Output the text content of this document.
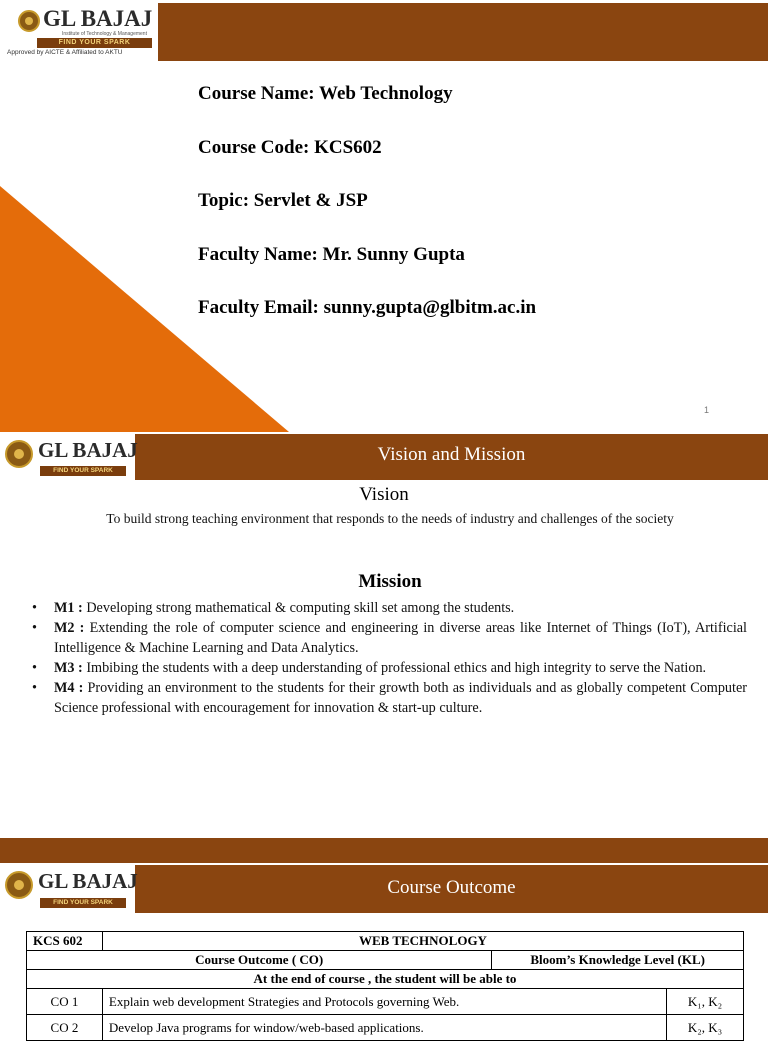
GL BAJAJ
Institute of Technology & Management
FIND YOUR SPARK
Approved by AICTE & Affiliated to AKTU
Course Name: Web Technology
Course Code: KCS602
Topic: Servlet & JSP
Faculty Name: Mr. Sunny Gupta
Faculty Email: sunny.gupta@glbitm.ac.in
1
Vision and Mission
GL BAJAJ
FIND YOUR SPARK
Vision
To build strong teaching environment that responds to the needs of industry and challenges of the society
Mission
• M1 : Developing strong mathematical & computing skill set among the students.
• M2 : Extending the role of computer science and engineering in diverse areas like Internet of Things (IoT), Artificial Intelligence & Machine Learning and Data Analytics.
• M3 : Imbibing the students with a deep understanding of professional ethics and high integrity to serve the Nation.
• M4 : Providing an environment to the students for their growth both as individuals and as globally competent Computer Science professional with encouragement for innovation & start-up culture.
Course Outcome
GL BAJAJ
FIND YOUR SPARK
KCS 602	WEB TECHNOLOGY		
Course Outcome ( CO)		Bloom’s Knowledge Level (KL)	
At the end of course , the student will be able to			
CO 1	Explain web development Strategies and Protocols governing Web.		K₁, K₂
CO 2	Develop Java programs for window/web-based applications.		K₂, K₃
